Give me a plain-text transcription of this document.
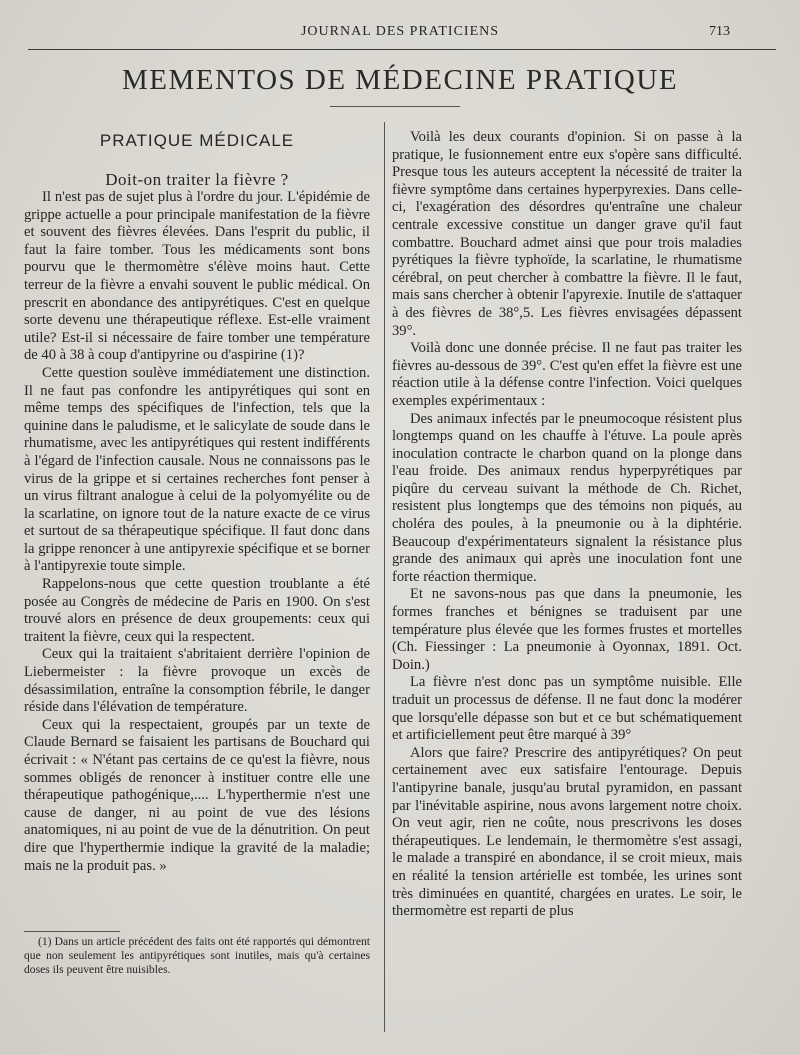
JOURNAL DES PRATICIENS	713
MEMENTOS DE MÉDECINE PRATIQUE
PRATIQUE MÉDICALE
Doit-on traiter la fièvre ?

Il n'est pas de sujet plus à l'ordre du jour. L'épidémie de grippe actuelle a pour principale manifestation de la fièvre et souvent des fièvres élevées. Dans l'esprit du public, il faut la faire tomber. Tous les médicaments sont bons pourvu que le thermomètre s'élève moins haut. Cette terreur de la fièvre a envahi souvent le public médical. On prescrit en abondance des antipyrétiques. C'est en quelque sorte devenu une thérapeutique réflexe. Est-elle vraiment utile? Est-il si nécessaire de faire tomber une température de 40 à 38 à coup d'antipyrine ou d'aspirine (1)?

Cette question soulève immédiatement une distinction. Il ne faut pas confondre les antipyrétiques qui sont en même temps des spécifiques de l'infection, tels que la quinine dans le paludisme, et le salicylate de soude dans le rhumatisme, avec les antipyrétiques qui restent indifférents à l'égard de l'infection causale. Nous ne connaissons pas le virus de la grippe et si certaines recherches font penser à un virus filtrant analogue à celui de la polyomyélite ou de la scarlatine, on ignore tout de la nature exacte de ce virus et surtout de sa thérapeutique spécifique. Il faut donc dans la grippe renoncer à une antipyrexie spécifique et se borner à l'antipyrexie toute simple.

Rappelons-nous que cette question troublante a été posée au Congrès de médecine de Paris en 1900. On s'est trouvé alors en présence de deux groupements: ceux qui traitent la fièvre, ceux qui la respectent.

Ceux qui la traitaient s'abritaient derrière l'opinion de Liebermeister : la fièvre provoque un excès de désassimilation, entraîne la consomption fébrile, le danger réside dans l'élévation de température.

Ceux qui la respectaient, groupés par un texte de Claude Bernard se faisaient les partisans de Bouchard qui écrivait : « N'étant pas certains de ce qu'est la fièvre, nous sommes obligés de renoncer à instituer contre elle une thérapeutique pathogénique,.... L'hyperthermie n'est une cause de danger, ni au point de vue des lésions anatomiques, ni au point de vue de la dénutrition. On peut dire que l'hyperthermie indique la gravité de la maladie; mais ne la produit pas. »

(1) Dans un article précédent des faits ont été rapportés qui démontrent que non seulement les antipyrétiques sont inutiles, mais qu'à certaines doses ils peuvent être nuisibles.

Voilà les deux courants d'opinion. Si on passe à la pratique, le fusionnement entre eux s'opère sans difficulté. Presque tous les auteurs acceptent la nécessité de traiter la fièvre symptôme dans certaines hyperpyrexies. Dans celle-ci, l'exagération des désordres qu'entraîne une chaleur centrale excessive constitue un danger grave qu'il faut combattre. Bouchard admet ainsi que pour trois maladies pyrétiques la fièvre typhoïde, la scarlatine, le rhumatisme cérébral, on peut chercher à combattre la fièvre. Il le faut, mais sans chercher à obtenir l'apyrexie. Inutile de s'attaquer à des fièvres de 38°,5. Les fièvres envisagées dépassent 39°.

Voilà donc une donnée précise. Il ne faut pas traiter les fièvres au-dessous de 39°. C'est qu'en effet la fièvre est une réaction utile à la défense contre l'infection. Voici quelques exemples expérimentaux :

Des animaux infectés par le pneumocoque résistent plus longtemps quand on les chauffe à l'étuve. La poule après inoculation contracte le charbon quand on la plonge dans l'eau froide. Des animaux rendus hyperpyrétiques par piqûre du cerveau suivant la méthode de Ch. Richet, resistent plus longtemps que des témoins non piqués, au choléra des poules, à la pneumonie ou à la diphtérie. Beaucoup d'expérimentateurs signalent la résistance plus grande des animaux qui après une inoculation font une forte réaction thermique.

Et ne savons-nous pas que dans la pneumonie, les formes franches et bénignes se traduisent par une température plus élevée que les formes frustes et mortelles (Ch. Fiessinger : La pneumonie à Oyonnax, 1891. Oct. Doin.)

La fièvre n'est donc pas un symptôme nuisible. Elle traduit un processus de défense. Il ne faut donc la modérer que lorsqu'elle dépasse son but et ce but schématiquement et artificiellement peut être marqué à 39°

Alors que faire? Prescrire des antipyrétiques? On peut certainement avec eux satisfaire l'entourage. Depuis l'antipyrine banale, jusqu'au brutal pyramidon, en passant par l'inévitable aspirine, nous avons largement notre choix. On veut agir, rien ne coûte, nous prescrivons les doses thérapeutiques. Le lendemain, le thermomètre s'est assagi, le malade a transpiré en abondance, il se croit mieux, mais en réalité la tension artérielle est tombée, les urines sont très diminuées en quantité, chargées en urates. Le soir, le thermomètre est reparti de plus
